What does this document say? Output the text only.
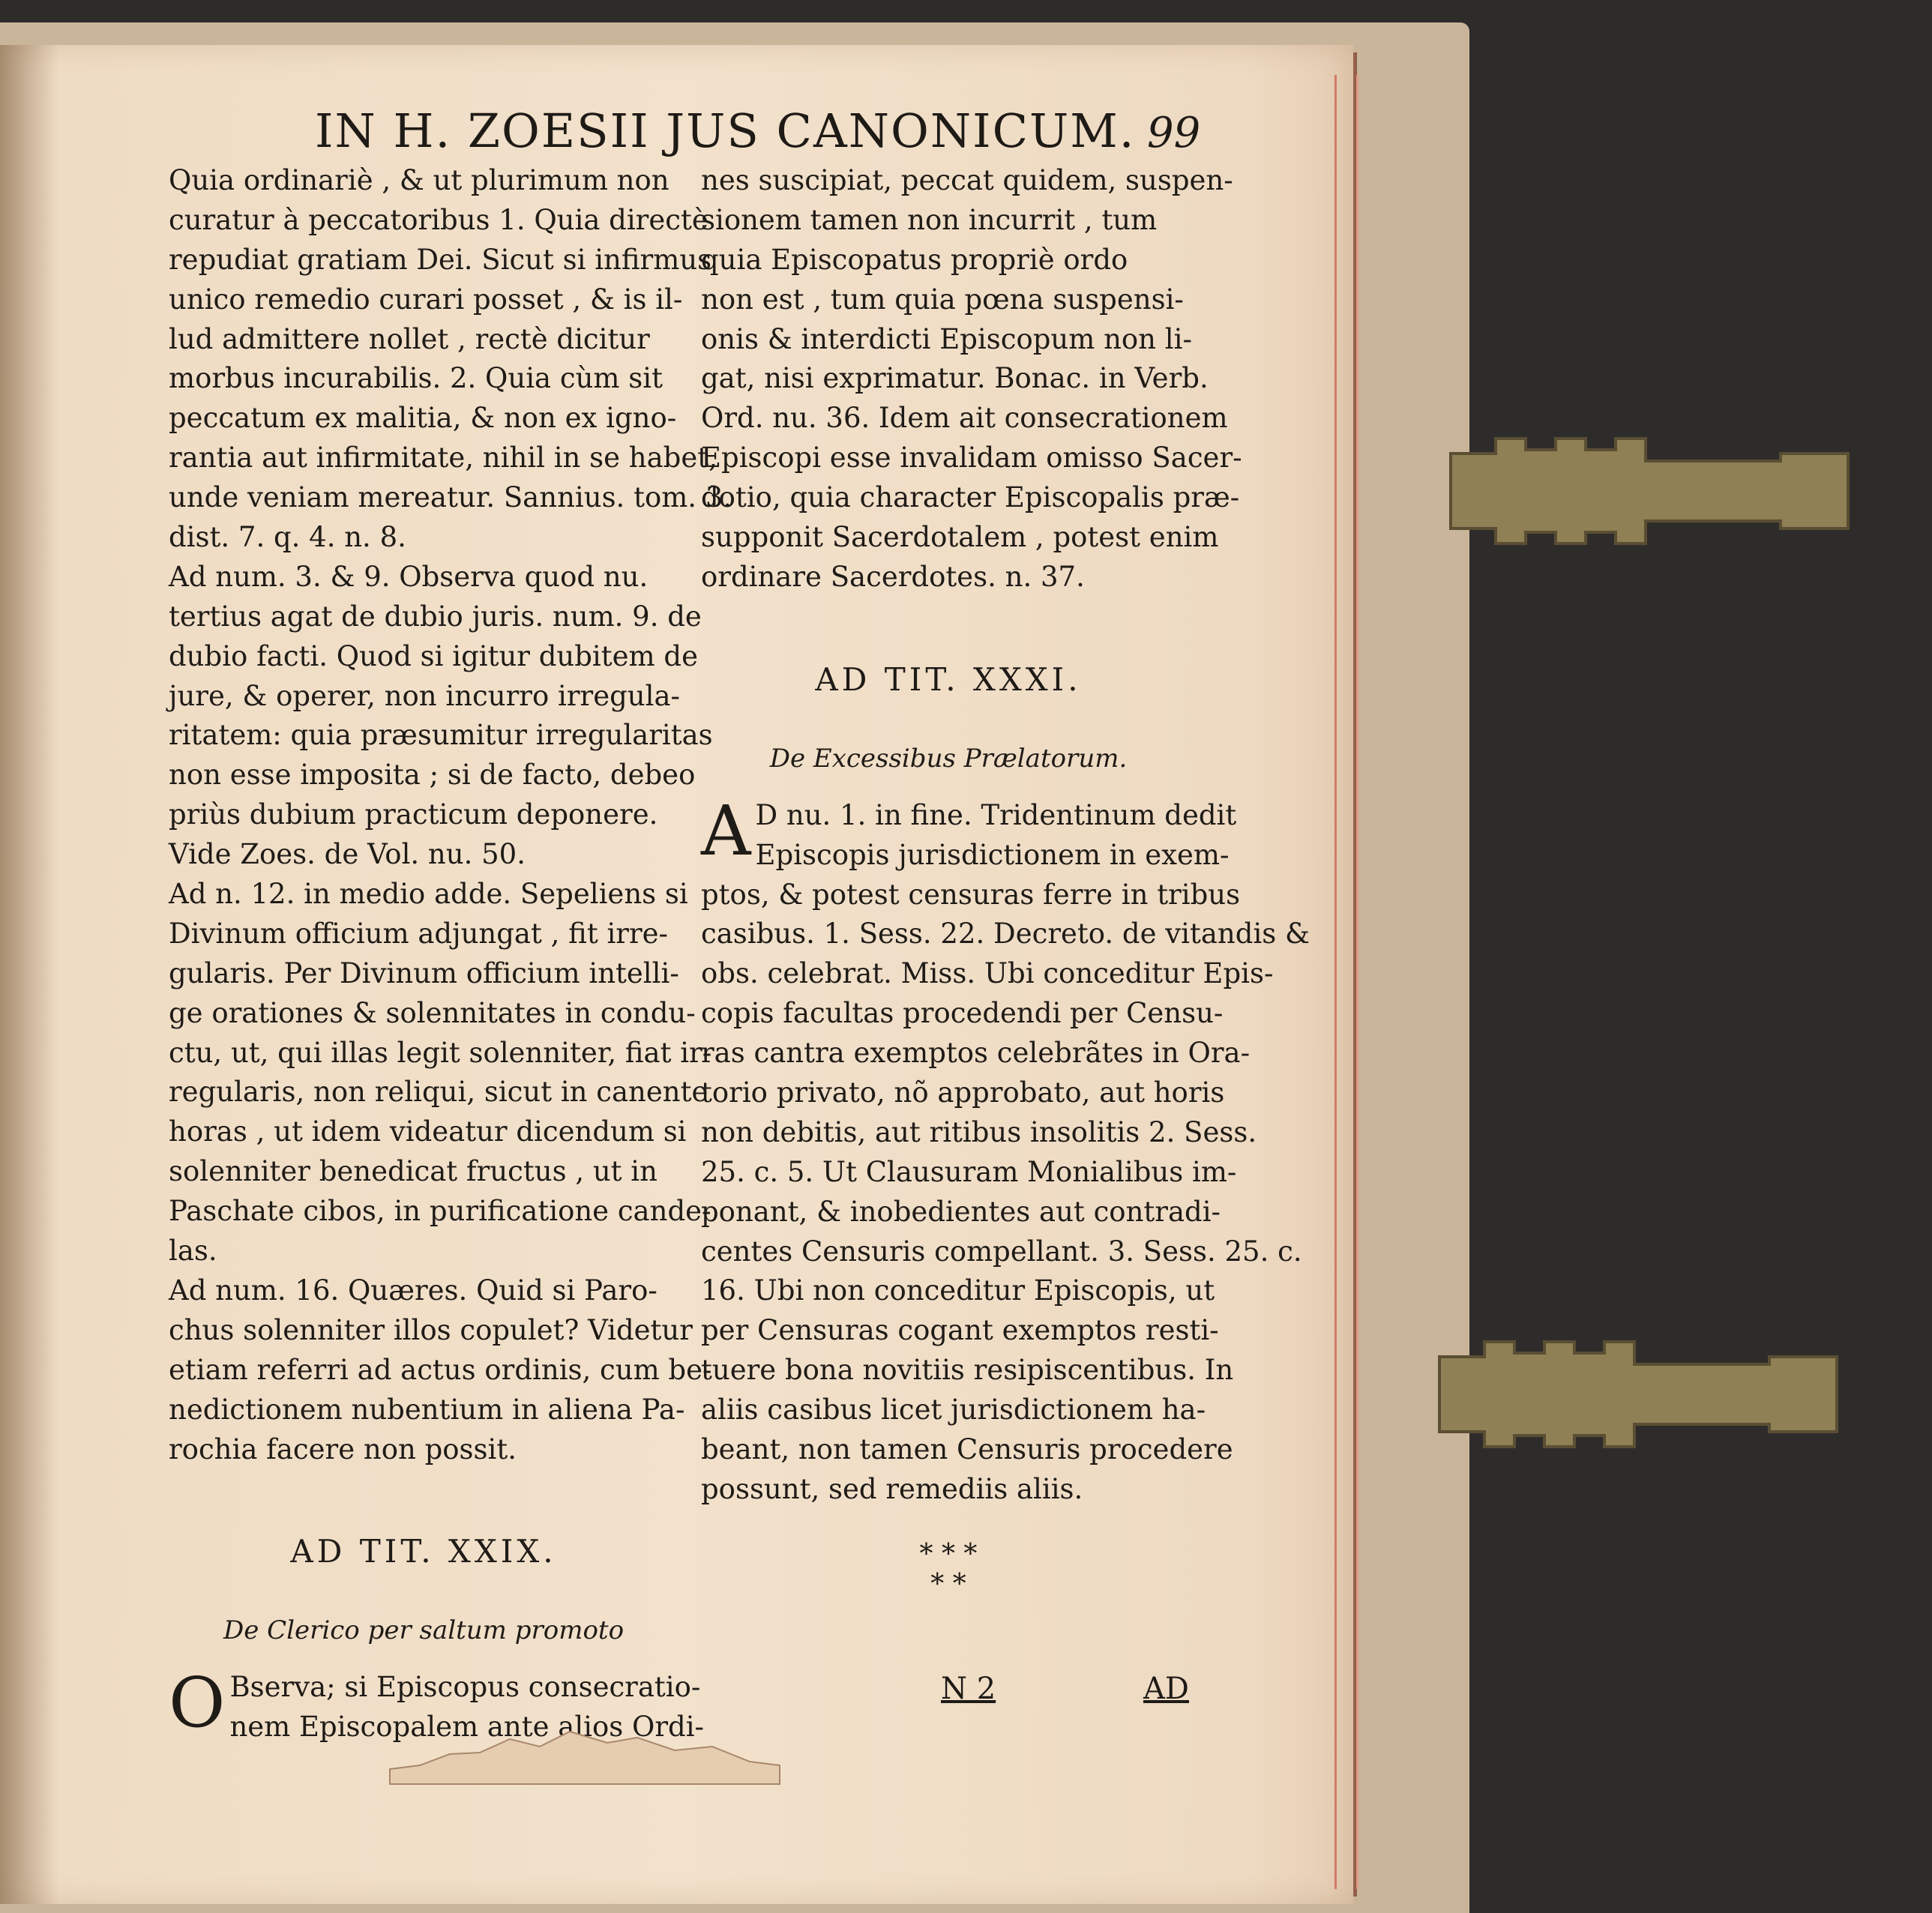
IN H. ZOESII JUS CANONICUM. 99
Quia ordinariè , & ut plurimum non
curatur à peccatoribus 1. Quia directè
repudiat gratiam Dei. Sicut si infirmus
unico remedio curari posset , & is il-
lud admittere nollet , rectè dicitur
morbus incurabilis. 2. Quia cùm sit
peccatum ex malitia, & non ex igno-
rantia aut infirmitate, nihil in se habet,
unde veniam mereatur. Sannius. tom. 3.
dist. 7. q. 4. n. 8.
Ad num. 3. & 9. Observa quod nu.
tertius agat de dubio juris. num. 9. de
dubio facti. Quod si igitur dubitem de
jure, & operer, non incurro irregula-
ritatem: quia præsumitur irregularitas
non esse imposita ; si de facto, debeo
priùs dubium practicum deponere.
Vide Zoes. de Vol. nu. 50.
Ad n. 12. in medio adde. Sepeliens si
Divinum officium adjungat , fit irre-
gularis. Per Divinum officium intelli-
ge orationes & solennitates in condu-
ctu, ut, qui illas legit solenniter, fiat ir-
regularis, non reliqui, sicut in canente
horas , ut idem videatur dicendum si
solenniter benedicat fructus , ut in
Paschate cibos, in purificatione cande-
las.
Ad num. 16. Quæres. Quid si Paro-
chus solenniter illos copulet? Videtur
etiam referri ad actus ordinis, cum be-
nedictionem nubentium in aliena Pa-
rochia facere non possit.
AD TIT. XXIX.
De Clerico per saltum promoto
O Bserva; si Episcopus consecratio-
nem Episcopalem ante alios Ordi-
nes suscipiat, peccat quidem, suspen-
sionem tamen non incurrit , tum
quia Episcopatus propriè ordo
non est , tum quia pœna suspensi-
onis & interdicti Episcopum non li-
gat, nisi exprimatur. Bonac. in Verb.
Ord. nu. 36. Idem ait consecrationem
Episcopi esse invalidam omisso Sacer-
dotio, quia character Episcopalis præ-
supponit Sacerdotalem , potest enim
ordinare Sacerdotes. n. 37.
AD TIT. XXXI.
De Excessibus Prælatorum.
A D nu. 1. in fine. Tridentinum dedit
Episcopis jurisdictionem in exem-
ptos, & potest censuras ferre in tribus
casibus. 1. Sess. 22. Decreto. de vitandis &
obs. celebrat. Miss. Ubi conceditur Epis-
copis facultas procedendi per Censu-
ras cantra exemptos celebrãtes in Ora-
torio privato, nõ approbato, aut horis
non debitis, aut ritibus insolitis 2. Sess.
25. c. 5. Ut Clausuram Monialibus im-
ponant, & inobedientes aut contradi-
centes Censuris compellant. 3. Sess. 25. c.
16. Ubi non conceditur Episcopis, ut
per Censuras cogant exemptos resti-
tuere bona novitiis resipiscentibus. In
aliis casibus licet jurisdictionem ha-
beant, non tamen Censuris procedere
possunt, sed remediis aliis.
* * *
* *
N 2	AD
